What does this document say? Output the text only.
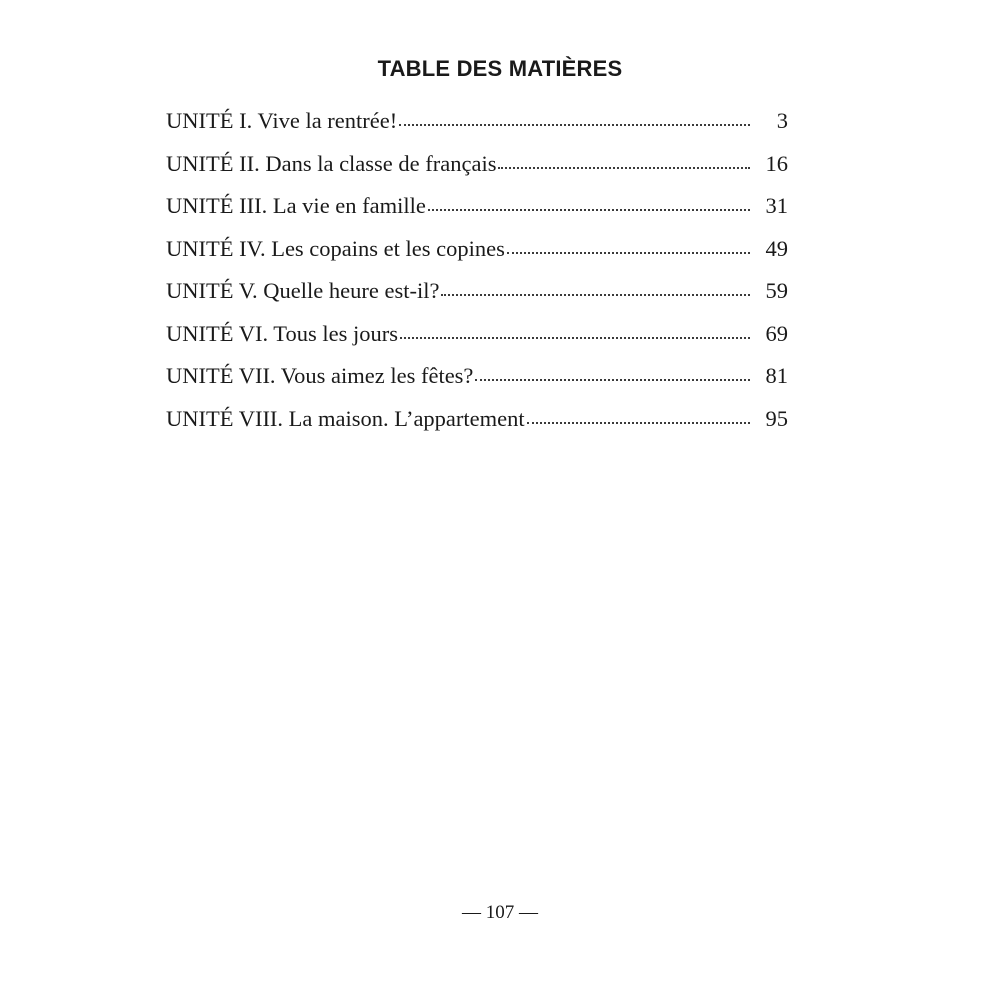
TABLE DES MATIÈRES
UNITÉ I. Vive la rentrée!	3
UNITÉ II. Dans la classe de français	16
UNITÉ III. La vie en famille	31
UNITÉ IV. Les copains et les copines	49
UNITÉ V. Quelle heure est-il?	59
UNITÉ VI. Tous les jours	69
UNITÉ VII. Vous aimez les fêtes?	81
UNITÉ VIII. La maison. L’appartement	95
— 107 —
